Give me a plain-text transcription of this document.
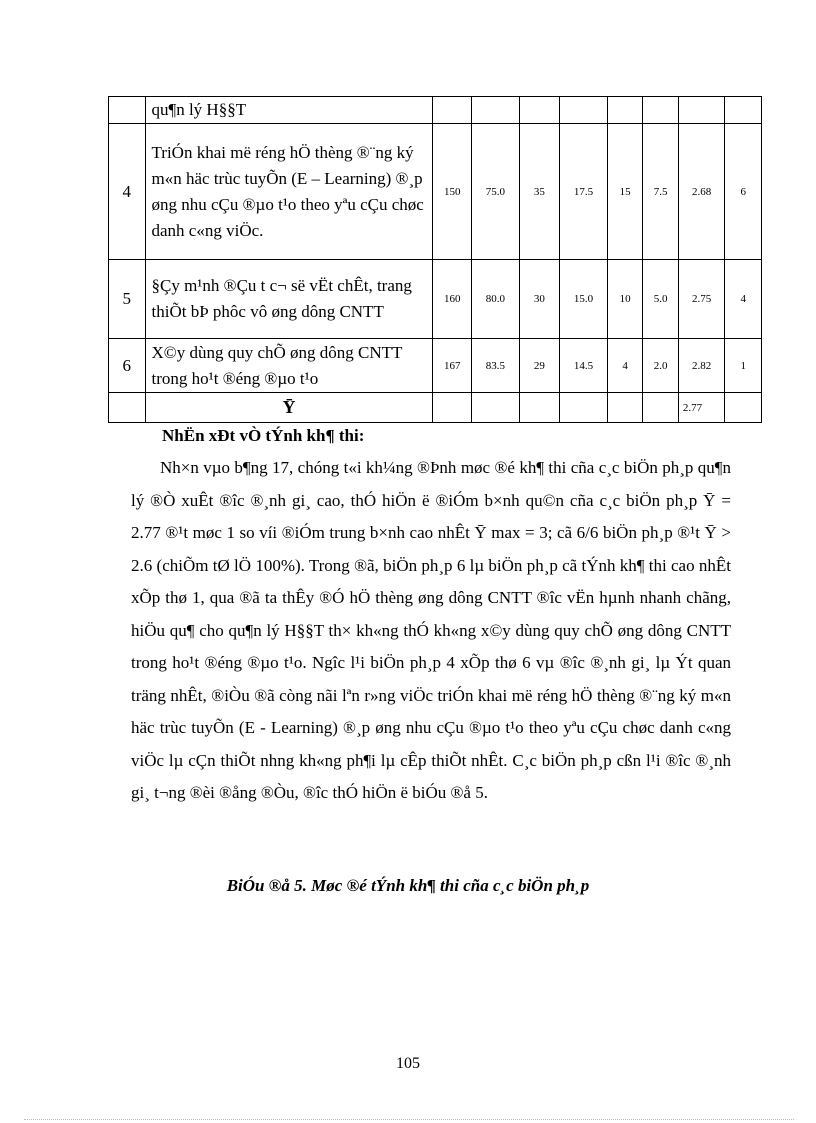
	qu¶n lý H§§T								
4	TriÓn khai më réng hÖ thèng ®¨ng ký m«n häc trùc tuyÕn (E – Learning) ®¸p øng nhu cÇu ®µo t¹o theo yªu cÇu chøc danh c«ng viÖc.	150	75.0	35	17.5	15	7.5	2.68	6
5	§Çy m¹nh ®Çu t c¬ së vËt chÊt, trang thiÕt bÞ phôc vô øng dông CNTT	160	80.0	30	15.0	10	5.0	2.75	4
6	X©y dùng quy chÕ øng dông CNTT trong ho¹t ®éng ®µo t¹o	167	83.5	29	14.5	4	2.0	2.82	1
	Ȳ							2.77	
NhËn xÐt vÒ tÝnh kh¶ thi:

Nh×n vµo b¶ng 17, chóng t«i kh¼ng ®Þnh møc ®é kh¶ thi cña c¸c biÖn ph¸p qu¶n lý ®Ò xuÊt ®îc ®¸nh gi¸ cao, thÓ hiÖn ë ®iÓm b×nh qu©n cña c¸c biÖn ph¸p Ȳ = 2.77 ®¹t møc 1 so víi ®iÓm trung b×nh cao nhÊt Ȳ max = 3; cã 6/6 biÖn ph¸p ®¹t Ȳ > 2.6 (chiÕm tØ lÖ 100%). Trong ®ã, biÖn ph¸p 6 lµ biÖn ph¸p cã tÝnh kh¶ thi cao nhÊt xÕp thø 1, qua ®ã ta thÊy ®Ó hÖ thèng øng dông CNTT ®îc vËn hµnh nhanh chãng, hiÖu qu¶ cho qu¶n lý H§§T th× kh«ng thÓ kh«ng x©y dùng quy chÕ øng dông CNTT trong ho¹t ®éng ®µo t¹o. Ngîc l¹i biÖn ph¸p 4 xÕp thø 6 vµ ®îc ®¸nh gi¸ lµ Ýt quan träng nhÊt, ®iÒu ®ã còng nãi lªn r»ng viÖc triÓn khai më réng hÖ thèng ®¨ng ký m«n häc trùc tuyÕn (E - Learning) ®¸p øng nhu cÇu ®µo t¹o theo yªu cÇu chøc danh c«ng viÖc lµ cÇn thiÕt nhng kh«ng ph¶i lµ cÊp thiÕt nhÊt. C¸c biÖn ph¸p cßn l¹i ®îc ®¸nh gi¸ t¬ng ®èi ®ång ®Òu, ®îc thÓ hiÖn ë biÓu ®å 5.

BiÓu ®å 5. Møc ®é tÝnh kh¶ thi cña c¸c biÖn ph¸p
105
